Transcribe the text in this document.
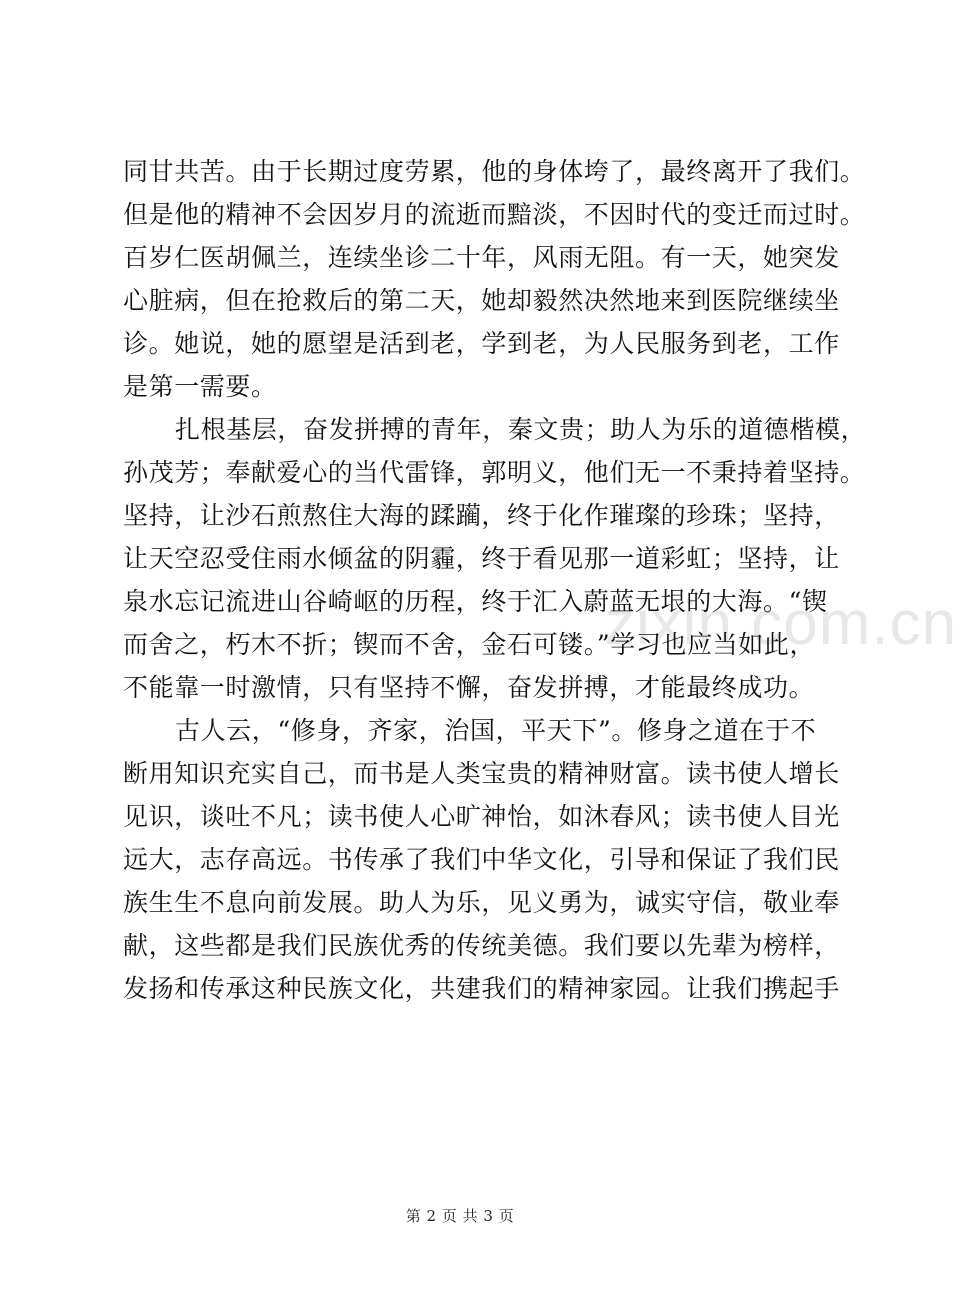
zixin.com.cn
同甘共苦。由于长期过度劳累，他的身体垮了，最终离开了我们。
但是他的精神不会因岁月的流逝而黯淡，不因时代的变迁而过时。
百岁仁医胡佩兰，连续坐诊二十年，风雨无阻。有一天，她突发
心脏病，但在抢救后的第二天，她却毅然决然地来到医院继续坐
诊。她说，她的愿望是活到老，学到老，为人民服务到老，工作
是第一需要。
扎根基层，奋发拼搏的青年，秦文贵；助人为乐的道德楷模，
孙茂芳；奉献爱心的当代雷锋，郭明义，他们无一不秉持着坚持。
坚持，让沙石煎熬住大海的蹂躏，终于化作璀璨的珍珠；坚持，
让天空忍受住雨水倾盆的阴霾，终于看见那一道彩虹；坚持，让
泉水忘记流进山谷崎岖的历程，终于汇入蔚蓝无垠的大海。“锲
而舍之，朽木不折；锲而不舍，金石可镂。”学习也应当如此，
不能靠一时激情，只有坚持不懈，奋发拼搏，才能最终成功。
古人云，“修身，齐家，治国，平天下”。修身之道在于不
断用知识充实自己，而书是人类宝贵的精神财富。读书使人增长
见识，谈吐不凡；读书使人心旷神怡，如沐春风；读书使人目光
远大，志存高远。书传承了我们中华文化，引导和保证了我们民
族生生不息向前发展。助人为乐，见义勇为，诚实守信，敬业奉
献，这些都是我们民族优秀的传统美德。我们要以先辈为榜样，
发扬和传承这种民族文化，共建我们的精神家园。让我们携起手
第 2 页 共 3 页
